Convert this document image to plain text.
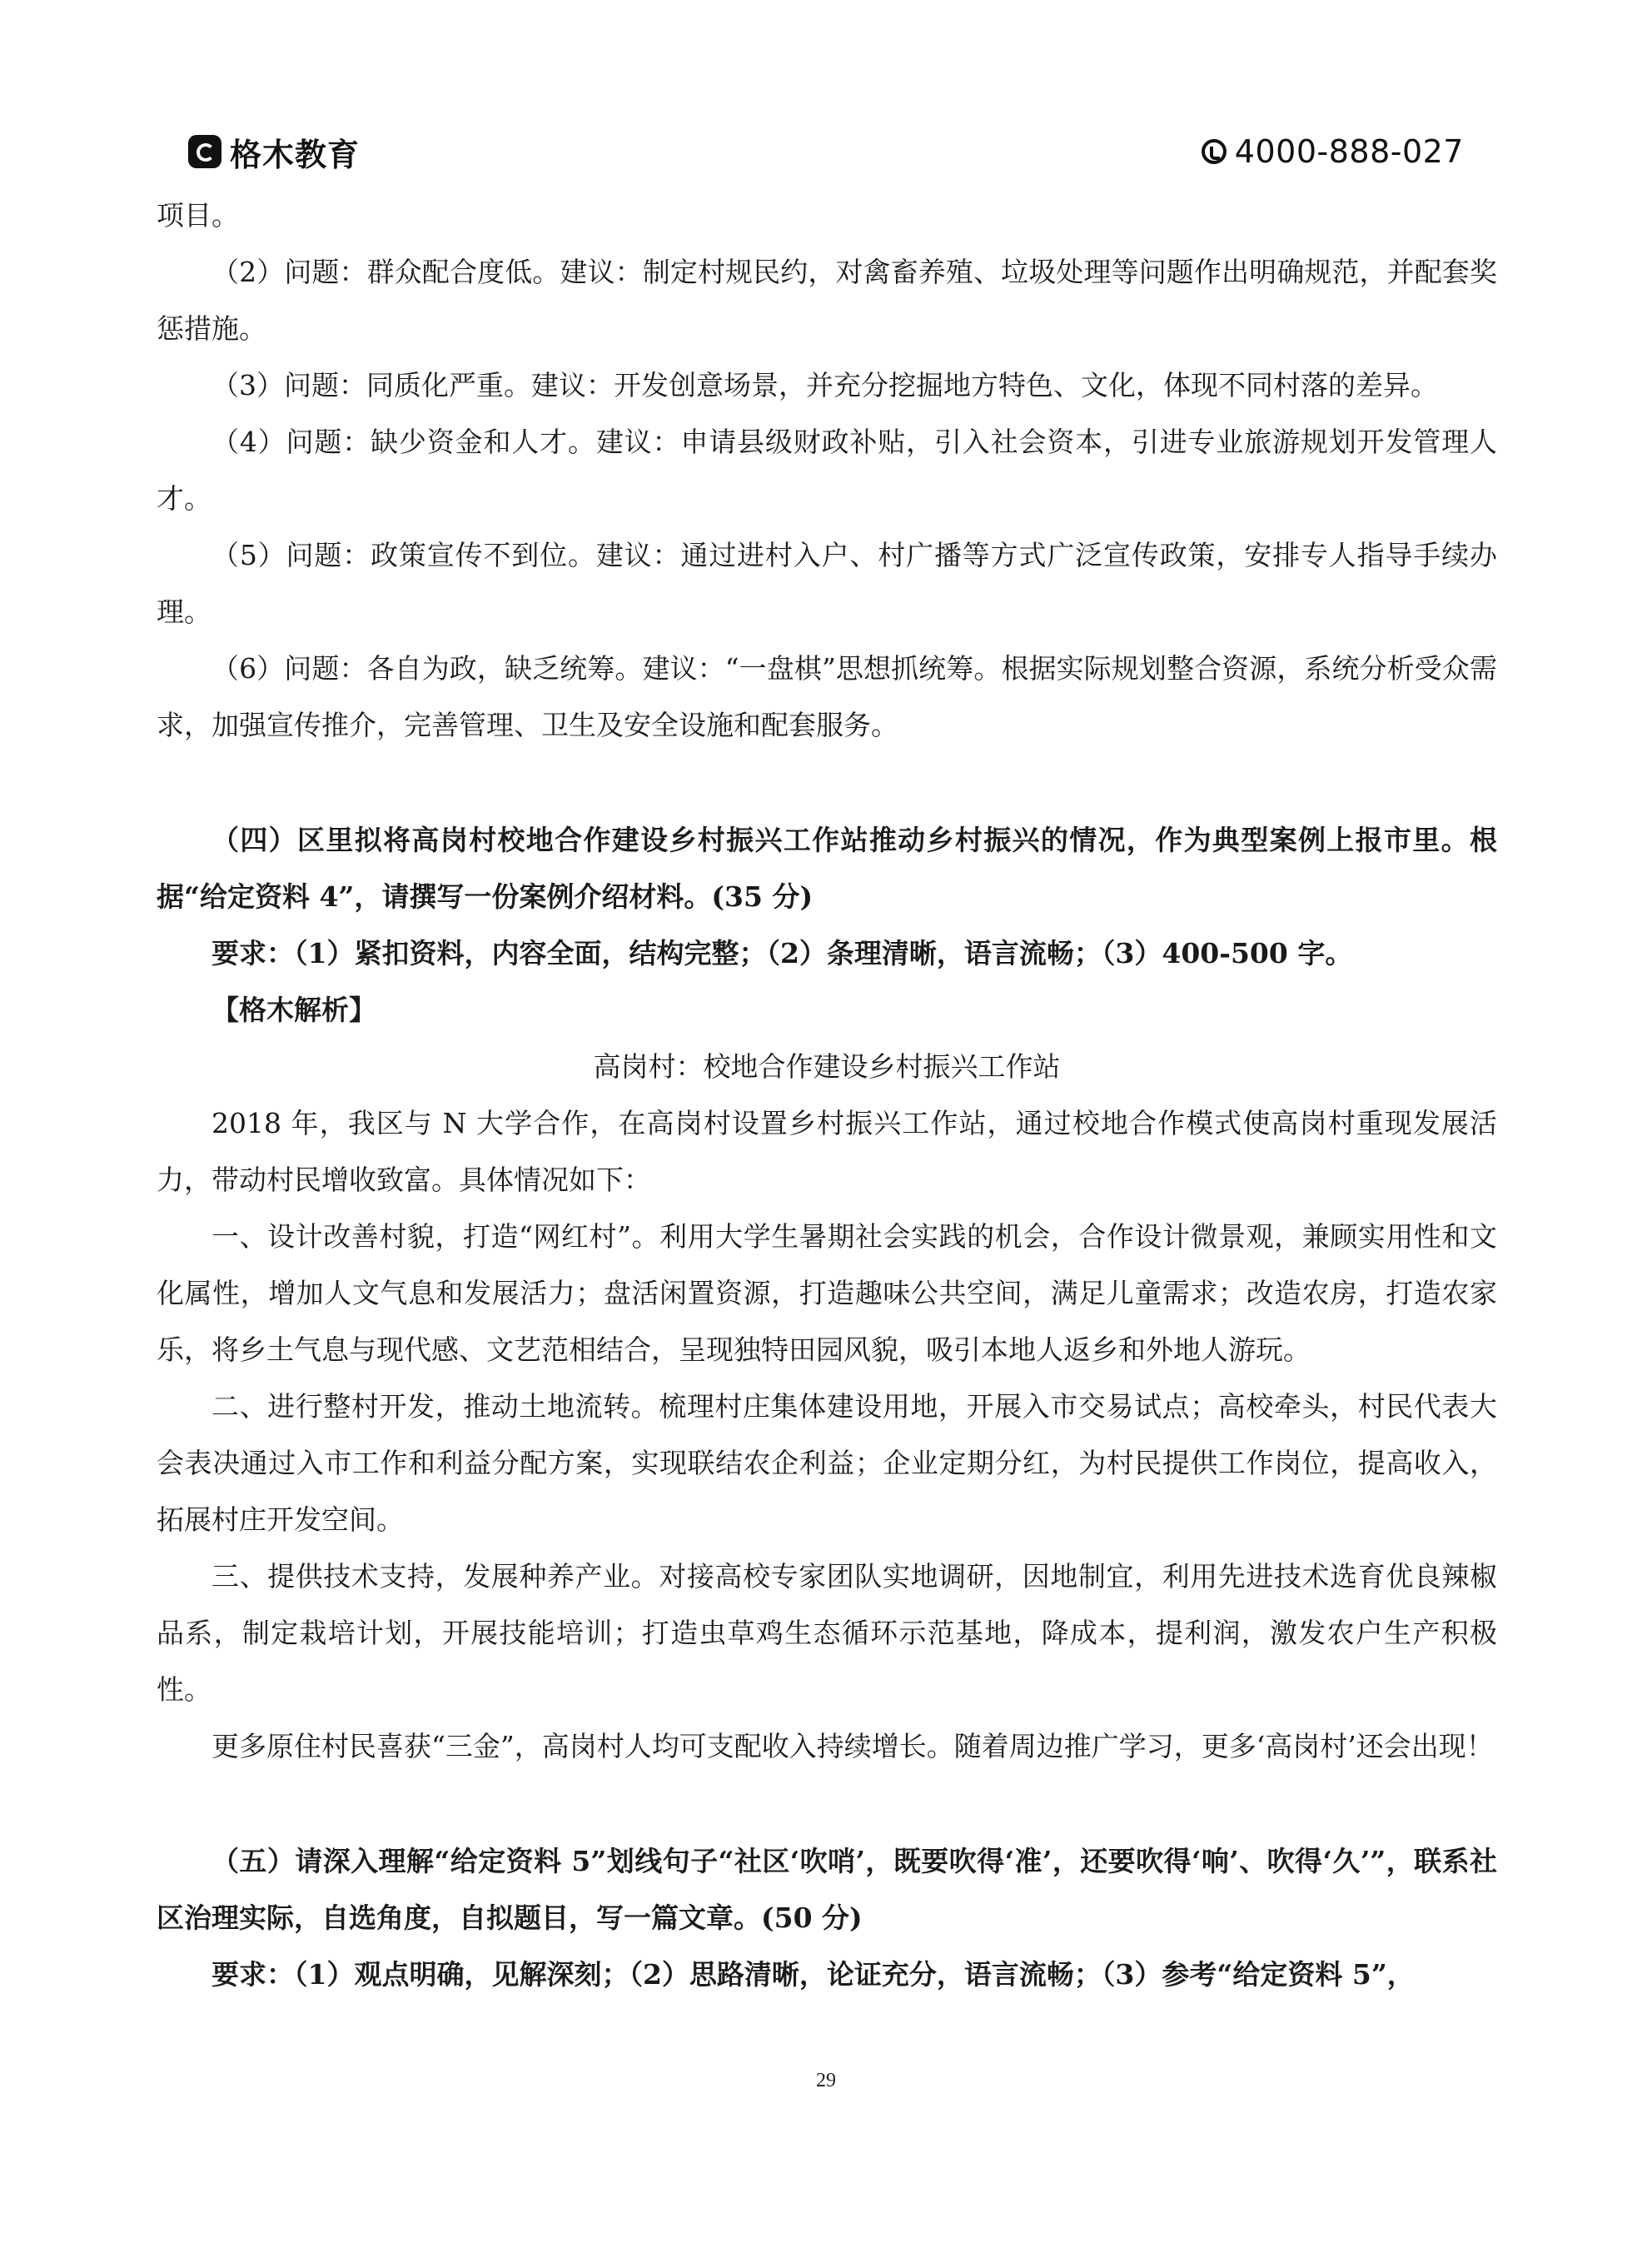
格木教育	4000-888-027

项目。

（2）问题：群众配合度低。建议：制定村规民约，对禽畜养殖、垃圾处理等问题作出明确规范，并配套奖惩措施。

（3）问题：同质化严重。建议：开发创意场景，并充分挖掘地方特色、文化，体现不同村落的差异。

（4）问题：缺少资金和人才。建议：申请县级财政补贴，引入社会资本，引进专业旅游规划开发管理人才。

（5）问题：政策宣传不到位。建议：通过进村入户、村广播等方式广泛宣传政策，安排专人指导手续办理。

（6）问题：各自为政，缺乏统筹。建议：“一盘棋”思想抓统筹。根据实际规划整合资源，系统分析受众需求，加强宣传推介，完善管理、卫生及安全设施和配套服务。

（四）区里拟将高岗村校地合作建设乡村振兴工作站推动乡村振兴的情况，作为典型案例上报市里。根据“给定资料 4”，请撰写一份案例介绍材料。(35 分)

要求：（1）紧扣资料，内容全面，结构完整；（2）条理清晰，语言流畅；（3）400-500 字。

【格木解析】

高岗村：校地合作建设乡村振兴工作站

2018 年，我区与 N 大学合作，在高岗村设置乡村振兴工作站，通过校地合作模式使高岗村重现发展活力，带动村民增收致富。具体情况如下：

一、设计改善村貌，打造“网红村”。利用大学生暑期社会实践的机会，合作设计微景观，兼顾实用性和文化属性，增加人文气息和发展活力；盘活闲置资源，打造趣味公共空间，满足儿童需求；改造农房，打造农家乐，将乡土气息与现代感、文艺范相结合，呈现独特田园风貌，吸引本地人返乡和外地人游玩。

二、进行整村开发，推动土地流转。梳理村庄集体建设用地，开展入市交易试点；高校牵头，村民代表大会表决通过入市工作和利益分配方案，实现联结农企利益；企业定期分红，为村民提供工作岗位，提高收入，拓展村庄开发空间。

三、提供技术支持，发展种养产业。对接高校专家团队实地调研，因地制宜，利用先进技术选育优良辣椒品系，制定栽培计划，开展技能培训；打造虫草鸡生态循环示范基地，降成本，提利润，激发农户生产积极性。

更多原住村民喜获“三金”，高岗村人均可支配收入持续增长。随着周边推广学习，更多‘高岗村’还会出现！

（五）请深入理解“给定资料 5”划线句子“社区‘吹哨’，既要吹得‘准’，还要吹得‘响’、吹得‘久’”，联系社区治理实际，自选角度，自拟题目，写一篇文章。(50 分)

要求：（1）观点明确，见解深刻；（2）思路清晰，论证充分，语言流畅；（3）参考“给定资料 5”，

29
